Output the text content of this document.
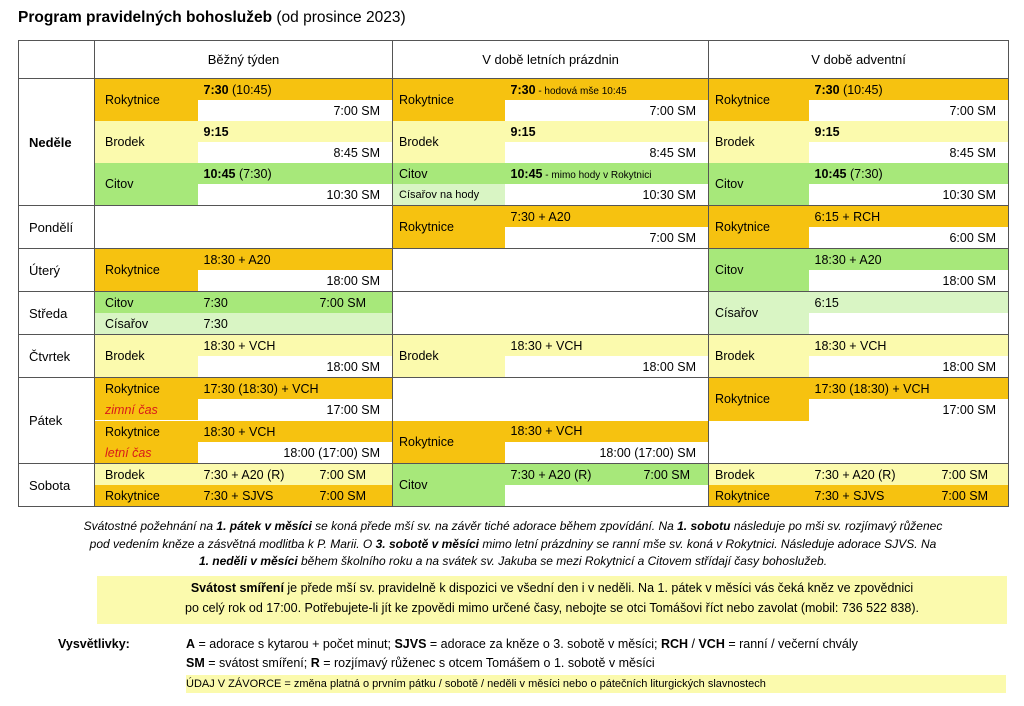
Program pravidelných bohoslužeb (od prosince 2023)
	Běžný týden		V době letních prázdnin		V době adventní	
Neděle	Rokytnice	7:30 (10:45)	Rokytnice	7:30 - hodová mše 10:45	Rokytnice	7:30 (10:45)
		7:00 SM		7:00 SM		7:00 SM
	Brodek	9:15	Brodek	9:15	Brodek	9:15
		8:45 SM		8:45 SM		8:45 SM
	Citov	10:45 (7:30)	Citov	10:45 - mimo hody v Rokytnici	Citov	10:45 (7:30)
		10:30 SM	Císařov na hody	10:30 SM		10:30 SM
Pondělí			Rokytnice	7:30 + A20	Rokytnice	6:15 + RCH
				7:00 SM		6:00 SM
Úterý	Rokytnice	18:30 + A20			Citov	18:30 + A20
		18:00 SM				18:00 SM
Středa	Citov	7:30 7:00 SM			Císařov	6:15
	Císařov	7:30				
Čtvrtek	Brodek	18:30 + VCH	Brodek	18:30 + VCH	Brodek	18:30 + VCH
		18:00 SM		18:00 SM		18:00 SM
Pátek	Rokytnice	17:30 (18:30) + VCH			Rokytnice	17:30 (18:30) + VCH
	zimní čas	17:00 SM				17:00 SM
	Rokytnice	18:30 + VCH	Rokytnice	18:30 + VCH		
	letní čas	18:00 (17:00) SM		18:00 (17:00) SM		
Sobota	Brodek	7:30 + A20 (R) 7:00 SM	Citov	7:30 + A20 (R) 7:00 SM	Brodek	7:30 + A20 (R) 7:00 SM

	Rokytnice	7:30 + SJVS 7:00 SM			Rokytnice	7:30 + SJVS 7:00 SM
Svátostné požehnání na 1. pátek v měsíci se koná přede mší sv. na závěr tiché adorace během zpovídání. Na 1. sobotu následuje po mši sv. rozjímavý růženec
pod vedením kněze a zásvětná modlitba k P. Marii. O 3. sobotě v měsíci mimo letní prázdniny se ranní mše sv. koná v Rokytnici. Následuje adorace SJVS. Na
1. neděli v měsíci během školního roku a na svátek sv. Jakuba se mezi Rokytnicí a Citovem střídají časy bohoslužeb.
Svátost smíření je přede mší sv. pravidelně k dispozici ve všední den i v neděli. Na 1. pátek v měsíci vás čeká kněz ve zpovědnici
po celý rok od 17:00. Potřebujete-li jít ke zpovědi mimo určené časy, nebojte se otci Tomášovi říct nebo zavolat (mobil: 736 522 838).
Vysvětlivky:	A = adorace s kytarou + počet minut; SJVS = adorace za kněze o 3. sobotě v měsíci; RCH / VCH = ranní / večerní chvály
SM = svátost smíření; R = rozjímavý růženec s otcem Tomášem o 1. sobotě v měsíci
ÚDAJ V ZÁVORCE = změna platná o prvním pátku / sobotě / neděli v měsíci nebo o pátečních liturgických slavnostech
